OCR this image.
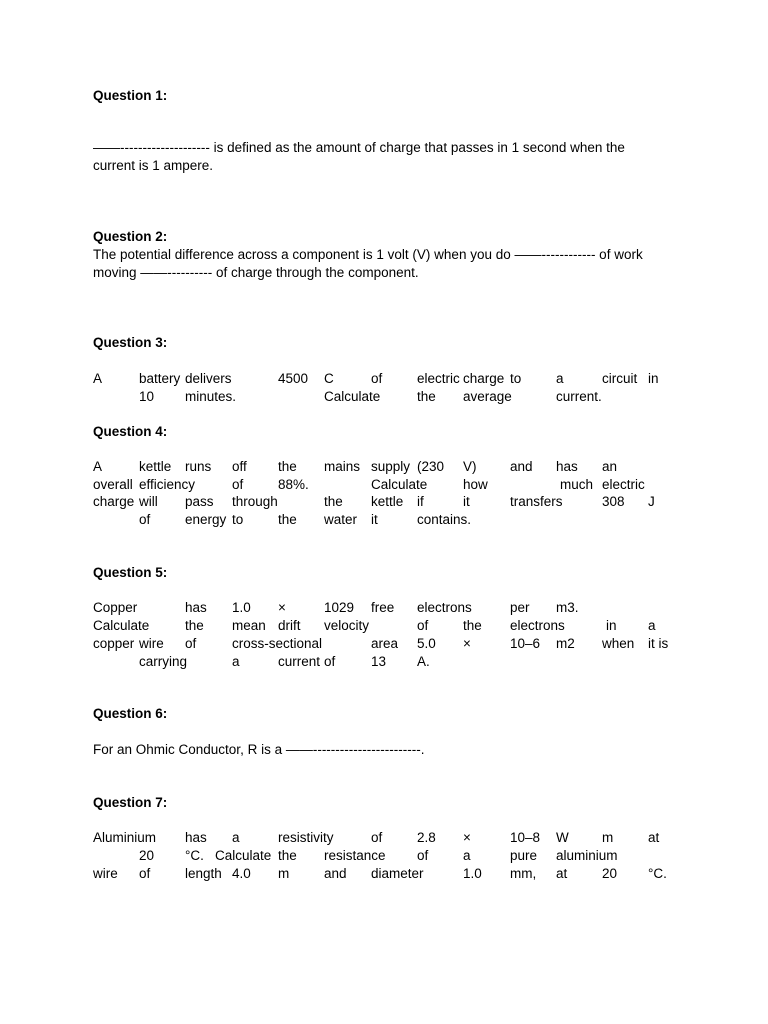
Question 1:
——-------------------- is defined as the amount of charge that passes in 1 second when the
current is 1 ampere.
Question 2:
The potential difference across a component is 1 volt (V) when you do ——------------ of work
moving ——---------- of charge through the component.
Question 3:
A	battery delivers	4500 C	of	electric charge to	a	circuit in
10 minutes.	Calculate	the average	current.
Question 4:
A	kettle runs off the mains supply (230 V) and has an
overall efficiency	of	88%.	Calculate	how	much electric
charge will pass through	the kettle if	it	transfers	308 J
of	energy to	the water it	contains.
Question 5:
Copper	has 1.0 ×	1029 free electrons	per m3.
Calculate	the mean drift velocity	of	the electrons	in a
copper wire of	cross-sectional	area 5.0 ×	10–6 m2 when it is
carrying	a	current of	13 A.
Question 6:
For an Ohmic Conductor, R is a ——------------------------.
Question 7:
Aluminium has a	resistivity	of	2.8 ×	10–8 W m	at
20 °C. Calculate the resistance of	a	pure aluminium
wire of	length 4.0 m	and diameter	1.0 mm, at	20 °C.
